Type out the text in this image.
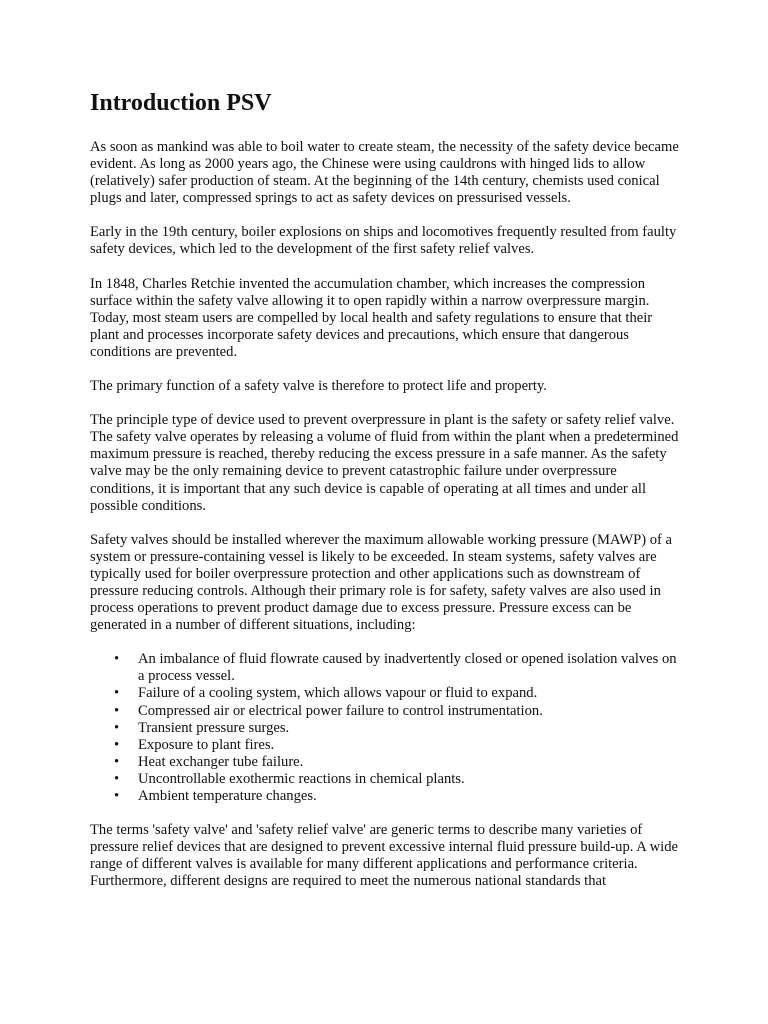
Introduction PSV

As soon as mankind was able to boil water to create steam, the necessity of the safety device became evident. As long as 2000 years ago, the Chinese were using cauldrons with hinged lids to allow (relatively) safer production of steam. At the beginning of the 14th century, chemists used conical plugs and later, compressed springs to act as safety devices on pressurised vessels.

Early in the 19th century, boiler explosions on ships and locomotives frequently resulted from faulty safety devices, which led to the development of the first safety relief valves.

In 1848, Charles Retchie invented the accumulation chamber, which increases the compression surface within the safety valve allowing it to open rapidly within a narrow overpressure margin. Today, most steam users are compelled by local health and safety regulations to ensure that their plant and processes incorporate safety devices and precautions, which ensure that dangerous conditions are prevented.

The primary function of a safety valve is therefore to protect life and property.

The principle type of device used to prevent overpressure in plant is the safety or safety relief valve. The safety valve operates by releasing a volume of fluid from within the plant when a predetermined maximum pressure is reached, thereby reducing the excess pressure in a safe manner. As the safety valve may be the only remaining device to prevent catastrophic failure under overpressure conditions, it is important that any such device is capable of operating at all times and under all possible conditions.

Safety valves should be installed wherever the maximum allowable working pressure (MAWP) of a system or pressure-containing vessel is likely to be exceeded. In steam systems, safety valves are typically used for boiler overpressure protection and other applications such as downstream of pressure reducing controls. Although their primary role is for safety, safety valves are also used in process operations to prevent product damage due to excess pressure. Pressure excess can be generated in a number of different situations, including:

• An imbalance of fluid flowrate caused by inadvertently closed or opened isolation valves on a process vessel.
• Failure of a cooling system, which allows vapour or fluid to expand.
• Compressed air or electrical power failure to control instrumentation.
• Transient pressure surges.
• Exposure to plant fires.
• Heat exchanger tube failure.
• Uncontrollable exothermic reactions in chemical plants.
• Ambient temperature changes.

The terms 'safety valve' and 'safety relief valve' are generic terms to describe many varieties of pressure relief devices that are designed to prevent excessive internal fluid pressure build-up. A wide range of different valves is available for many different applications and performance criteria. Furthermore, different designs are required to meet the numerous national standards that
